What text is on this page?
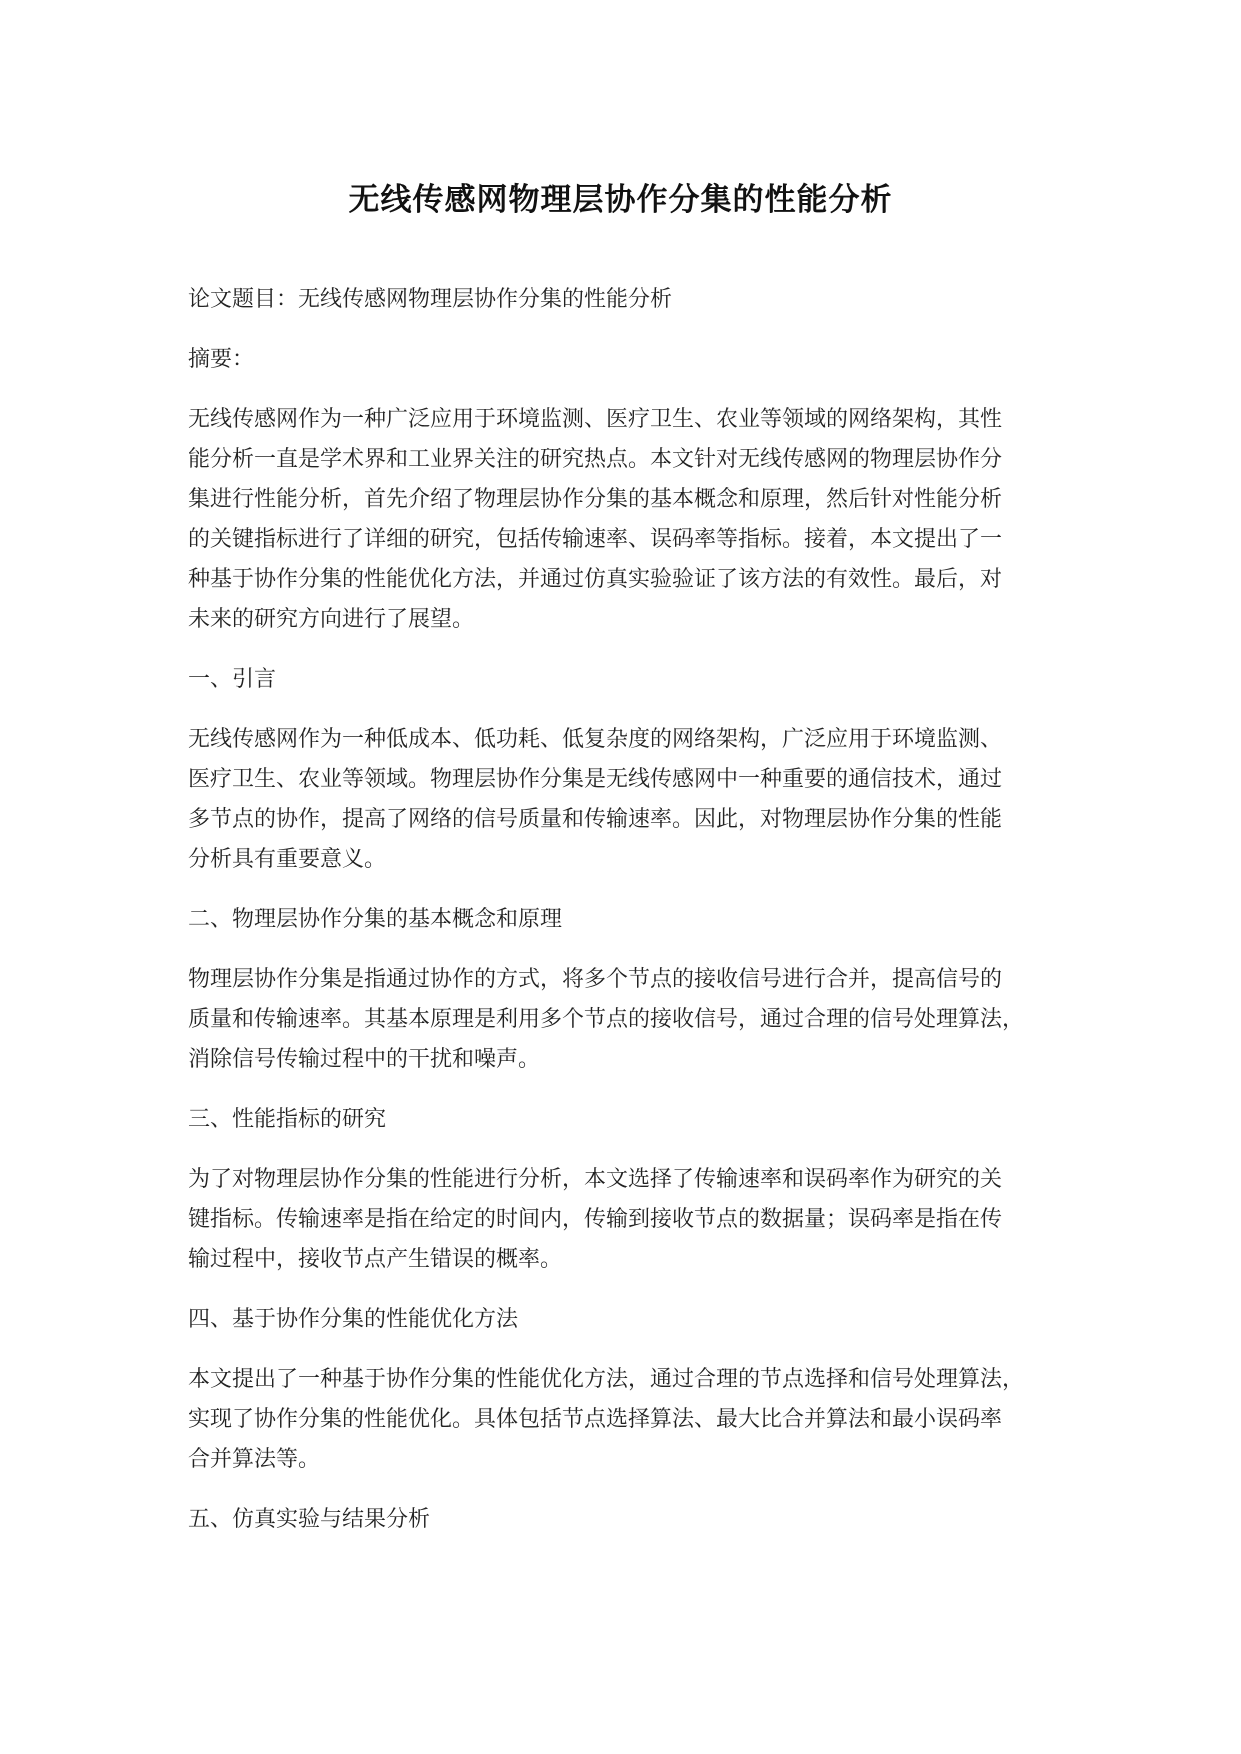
无线传感网物理层协作分集的性能分析
论文题目：无线传感网物理层协作分集的性能分析
摘要：
无线传感网作为一种广泛应用于环境监测、医疗卫生、农业等领域的网络架构，其性
能分析一直是学术界和工业界关注的研究热点。本文针对无线传感网的物理层协作分
集进行性能分析，首先介绍了物理层协作分集的基本概念和原理，然后针对性能分析
的关键指标进行了详细的研究，包括传输速率、误码率等指标。接着，本文提出了一
种基于协作分集的性能优化方法，并通过仿真实验验证了该方法的有效性。最后，对
未来的研究方向进行了展望。
一、引言
无线传感网作为一种低成本、低功耗、低复杂度的网络架构，广泛应用于环境监测、
医疗卫生、农业等领域。物理层协作分集是无线传感网中一种重要的通信技术，通过
多节点的协作，提高了网络的信号质量和传输速率。因此，对物理层协作分集的性能
分析具有重要意义。
二、物理层协作分集的基本概念和原理
物理层协作分集是指通过协作的方式，将多个节点的接收信号进行合并，提高信号的
质量和传输速率。其基本原理是利用多个节点的接收信号，通过合理的信号处理算法，
消除信号传输过程中的干扰和噪声。
三、性能指标的研究
为了对物理层协作分集的性能进行分析，本文选择了传输速率和误码率作为研究的关
键指标。传输速率是指在给定的时间内，传输到接收节点的数据量；误码率是指在传
输过程中，接收节点产生错误的概率。
四、基于协作分集的性能优化方法
本文提出了一种基于协作分集的性能优化方法，通过合理的节点选择和信号处理算法，
实现了协作分集的性能优化。具体包括节点选择算法、最大比合并算法和最小误码率
合并算法等。
五、仿真实验与结果分析
